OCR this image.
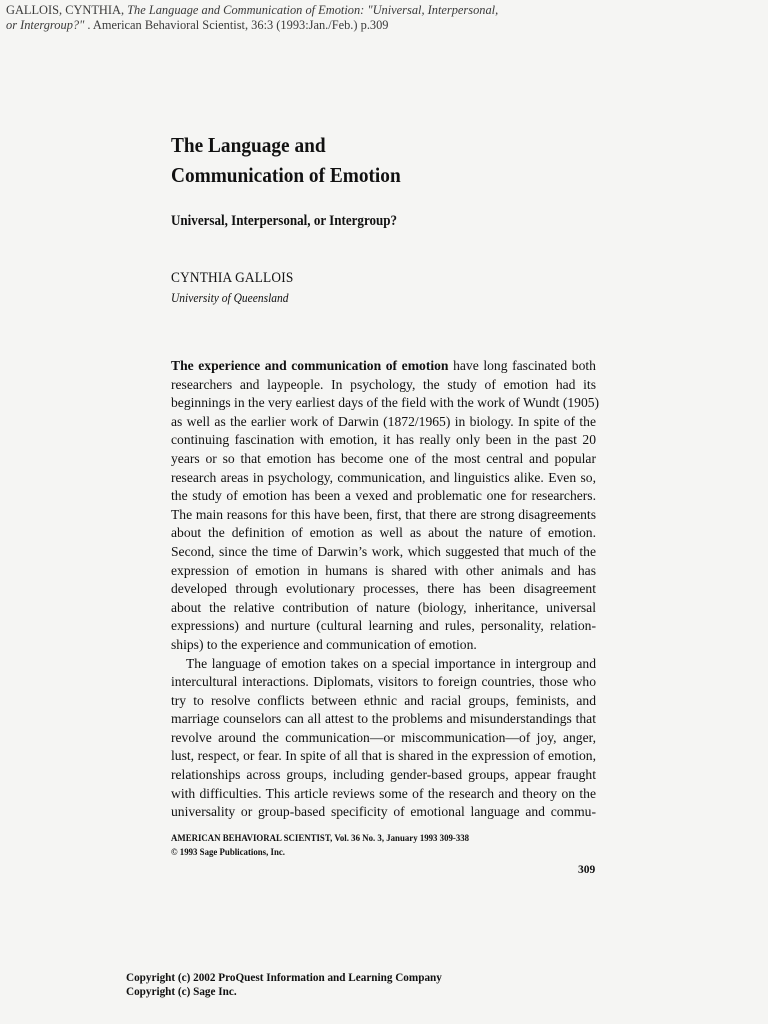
GALLOIS, CYNTHIA, The Language and Communication of Emotion: "Universal, Interpersonal,
or Intergroup?" . American Behavioral Scientist, 36:3 (1993:Jan./Feb.) p.309
The Language and
Communication of Emotion
Universal, Interpersonal, or Intergroup?
CYNTHIA GALLOIS
University of Queensland
The experience and communication of emotion have long fascinated both
researchers and laypeople. In psychology, the study of emotion had its
beginnings in the very earliest days of the field with the work of Wundt (1905)
as well as the earlier work of Darwin (1872/1965) in biology. In spite of the
continuing fascination with emotion, it has really only been in the past 20
years or so that emotion has become one of the most central and popular
research areas in psychology, communication, and linguistics alike. Even so,
the study of emotion has been a vexed and problematic one for researchers.
The main reasons for this have been, first, that there are strong disagreements
about the definition of emotion as well as about the nature of emotion.
Second, since the time of Darwin’s work, which suggested that much of the
expression of emotion in humans is shared with other animals and has
developed through evolutionary processes, there has been disagreement
about the relative contribution of nature (biology, inheritance, universal
expressions) and nurture (cultural learning and rules, personality, relation-
ships) to the experience and communication of emotion.
The language of emotion takes on a special importance in intergroup and
intercultural interactions. Diplomats, visitors to foreign countries, those who
try to resolve conflicts between ethnic and racial groups, feminists, and
marriage counselors can all attest to the problems and misunderstandings that
revolve around the communication—or miscommunication—of joy, anger,
lust, respect, or fear. In spite of all that is shared in the expression of emotion,
relationships across groups, including gender-based groups, appear fraught
with difficulties. This article reviews some of the research and theory on the
universality or group-based specificity of emotional language and commu-
AMERICAN BEHAVIORAL SCIENTIST, Vol. 36 No. 3, January 1993 309-338
© 1993 Sage Publications, Inc.
309
Copyright (c) 2002 ProQuest Information and Learning Company
Copyright (c) Sage Inc.
